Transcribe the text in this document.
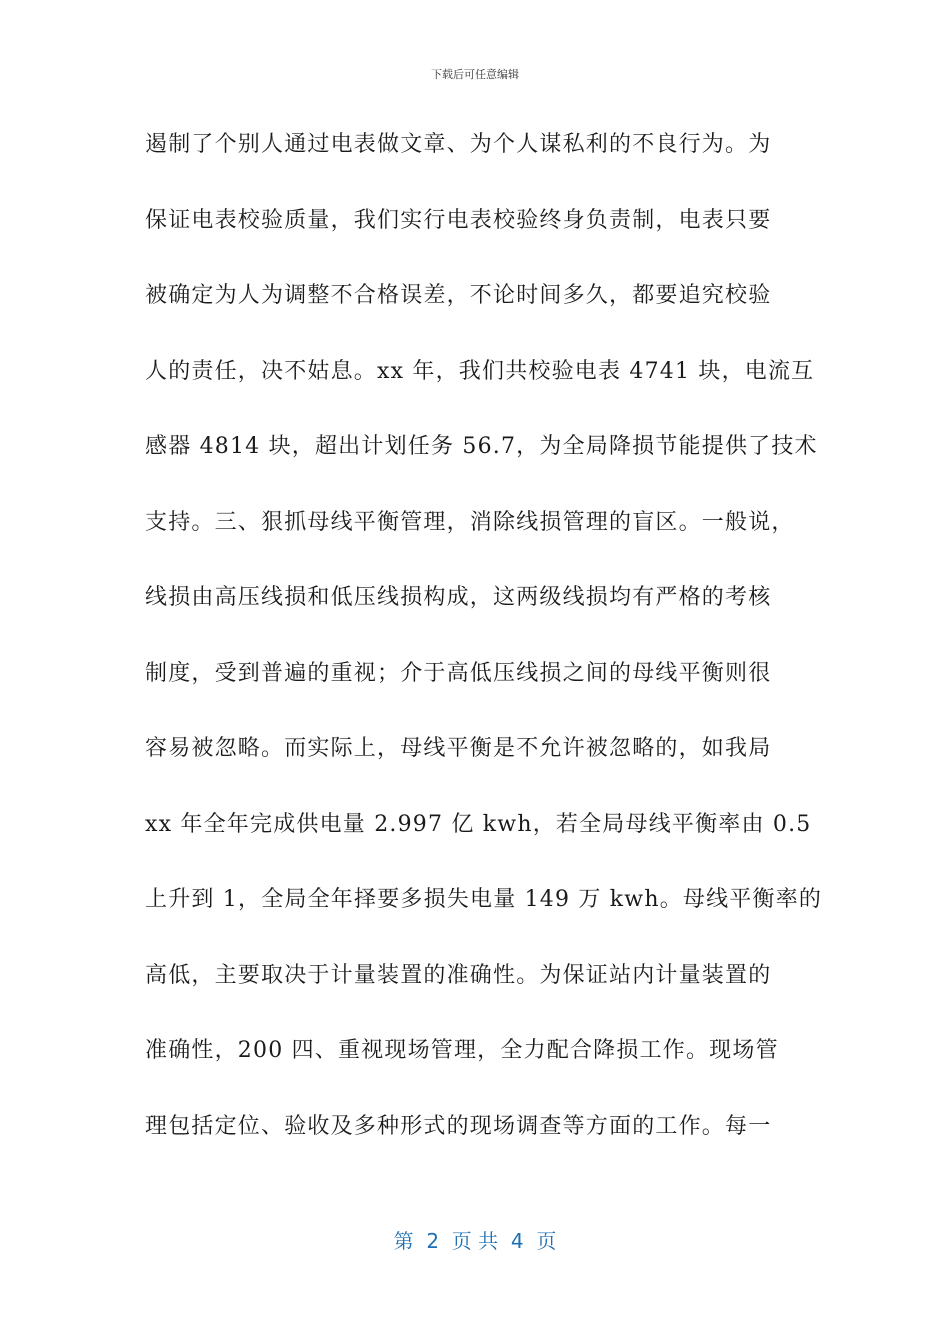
下载后可任意编辑
遏制了个别人通过电表做文章、为个人谋私利的不良行为。为
保证电表校验质量，我们实行电表校验终身负责制，电表只要
被确定为人为调整不合格误差，不论时间多久，都要追究校验
人的责任，决不姑息。xx 年，我们共校验电表 4741 块，电流互
感器 4814 块，超出计划任务 56.7，为全局降损节能提供了技术
支持。三、狠抓母线平衡管理，消除线损管理的盲区。一般说，
线损由高压线损和低压线损构成，这两级线损均有严格的考核
制度，受到普遍的重视；介于高低压线损之间的母线平衡则很
容易被忽略。而实际上，母线平衡是不允许被忽略的，如我局
xx 年全年完成供电量 2.997 亿 kwh，若全局母线平衡率由 0.5
上升到 1，全局全年择要多损失电量 149 万 kwh。母线平衡率的
高低，主要取决于计量装置的准确性。为保证站内计量装置的
准确性，200 四、重视现场管理，全力配合降损工作。现场管
理包括定位、验收及多种形式的现场调查等方面的工作。每一
第  2  页 共  4  页
